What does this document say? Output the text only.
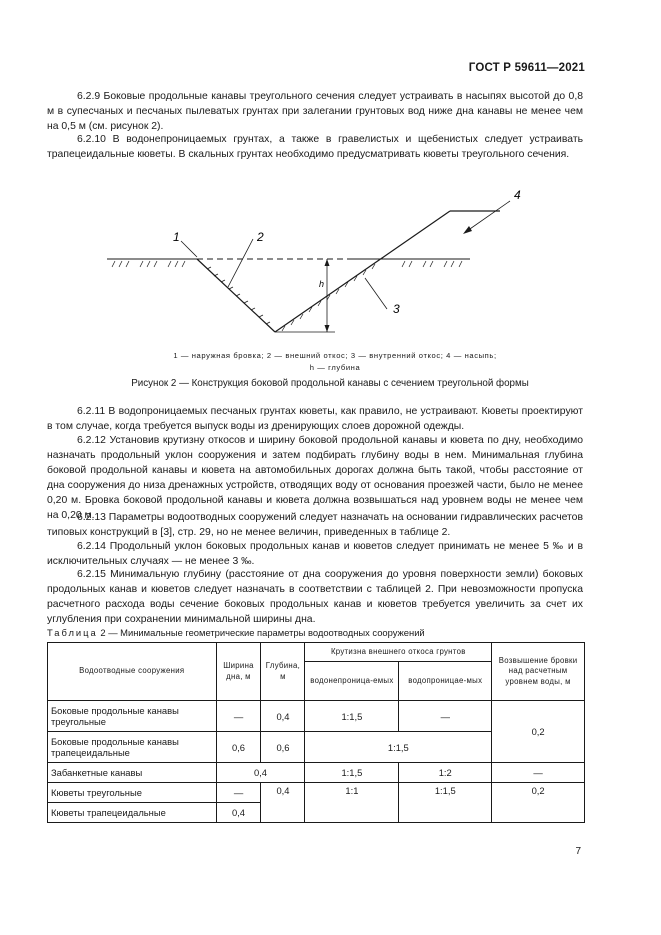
ГОСТ Р 59611—2021

6.2.9 Боковые продольные канавы треугольного сечения следует устраивать в насыпях высотой до 0,8 м в супесчаных и песчаных пылеватых грунтах при залегании грунтовых вод ниже дна канавы не менее чем на 0,5 м (см. рисунок 2).

6.2.10 В водонепроницаемых грунтах, а также в гравелистых и щебенистых следует устраивать трапецеидальные кюветы. В скальных грунтах необходимо предусматривать кюветы треугольного сечения.

h
1	2
3
4
1 — наружная бровка; 2 — внешний откос; 3 — внутренний откос; 4 — насыпь;
h — глубина
Рисунок 2 — Конструкция боковой продольной канавы с сечением треугольной формы

6.2.11 В водопроницаемых песчаных грунтах кюветы, как правило, не устраивают. Кюветы проектируют в том случае, когда требуется выпуск воды из дренирующих слоев дорожной одежды.

6.2.12 Установив крутизну откосов и ширину боковой продольной канавы и кювета по дну, необходимо назначать продольный уклон сооружения и затем подбирать глубину воды в нем. Минимальная глубина боковой продольной канавы и кювета на автомобильных дорогах должна быть такой, чтобы расстояние от дна сооружения до низа дренажных устройств, отводящих воду от основания проезжей части, было не менее 0,20 м. Бровка боковой продольной канавы и кювета должна возвышаться над уровнем воды не менее чем на 0,20 м.

6.2.13 Параметры водоотводных сооружений следует назначать на основании гидравлических расчетов типовых конструкций в [3], стр. 29, но не менее величин, приведенных в таблице 2.

6.2.14 Продольный уклон боковых продольных канав и кюветов следует принимать не менее 5 ‰ и в исключительных случаях — не менее 3 ‰.

6.2.15 Минимальную глубину (расстояние от дна сооружения до уровня поверхности земли) боковых продольных канав и кюветов следует назначать в соответствии с таблицей 2. При невозможности пропуска расчетного расхода воды сечение боковых продольных канав и кюветов требуется увеличить за счет их углубления при сохранении минимальной ширины дна.

Таблица 2 — Минимальные геометрические параметры водоотводных сооружений
Водоотводные сооружения	Ширина дна, м	Глубина, м	Крутизна внешнего откоса грунтов		Возвышение бровки над расчетным уровнем воды, м
			водонепроница-емых	водопроницае-мых	
Боковые продольные канавы треугольные	—	0,4	1:1,5	—	0,2
Боковые продольные канавы трапецеидальные	0,6	0,6	1:1,5		
Забанкетные канавы	0,4		1:1,5	1:2	—
Кюветы треугольные	—	0,4	1:1	1:1,5	0,2
Кюветы трапецеидальные	0,4				
7
